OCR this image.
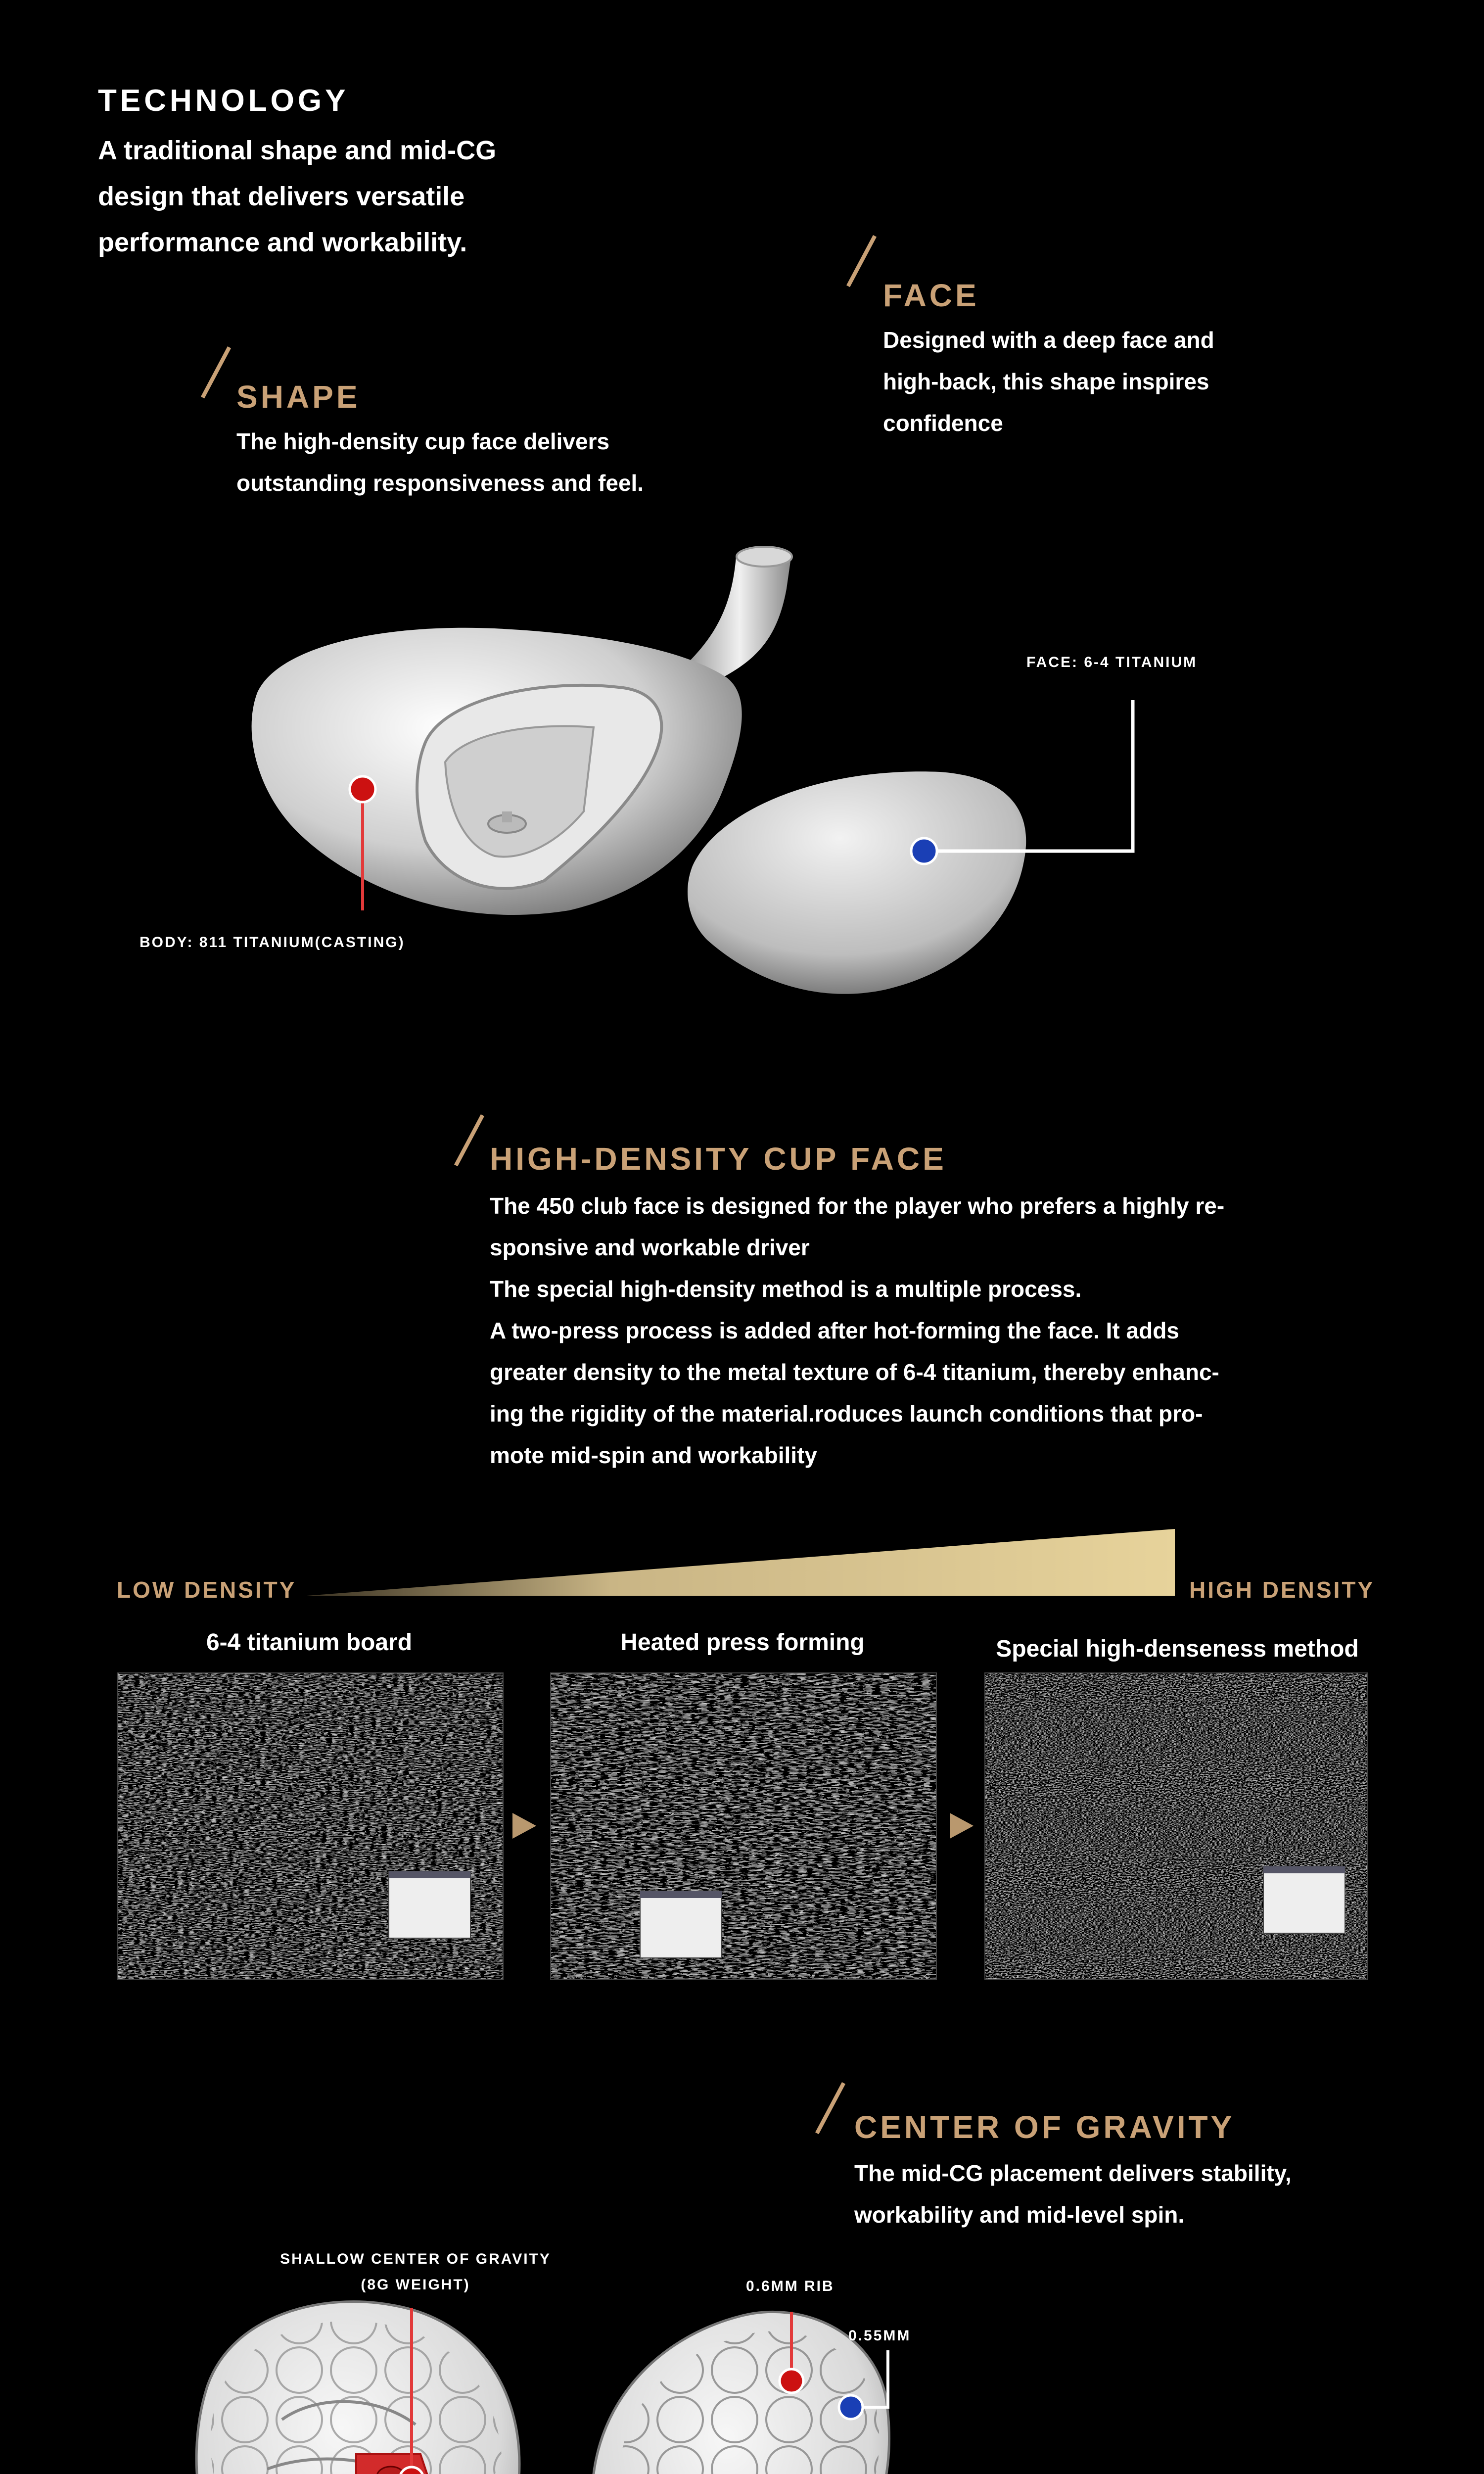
TECHNOLOGY
A traditional shape and mid-CG
design that delivers versatile
performance and workability.
FACE
Designed with a deep face and
high-back, this shape inspires
confidence
SHAPE
The high-density cup face delivers
outstanding responsiveness and feel.
FACE: 6-4 TITANIUM
BODY: 811 TITANIUM(CASTING)
HIGH-DENSITY CUP FACE
The 450 club face is designed for the player who prefers a highly re-
sponsive and workable driver
The special high-density method is a multiple process.
A two-press process is added after hot-forming the face. It adds
greater density to the metal texture of 6-4 titanium, thereby enhanc-
ing the rigidity of the material.roduces launch conditions that pro-
mote mid-spin and workability
LOW DENSITY	HIGH DENSITY
6-4 titanium board	Heated press forming	Special high-denseness method
CENTER OF GRAVITY
The mid-CG placement delivers stability,
workability and mid-level spin.
SHALLOW CENTER OF GRAVITY
(8G WEIGHT)	0.6MM RIB
0.55MM
